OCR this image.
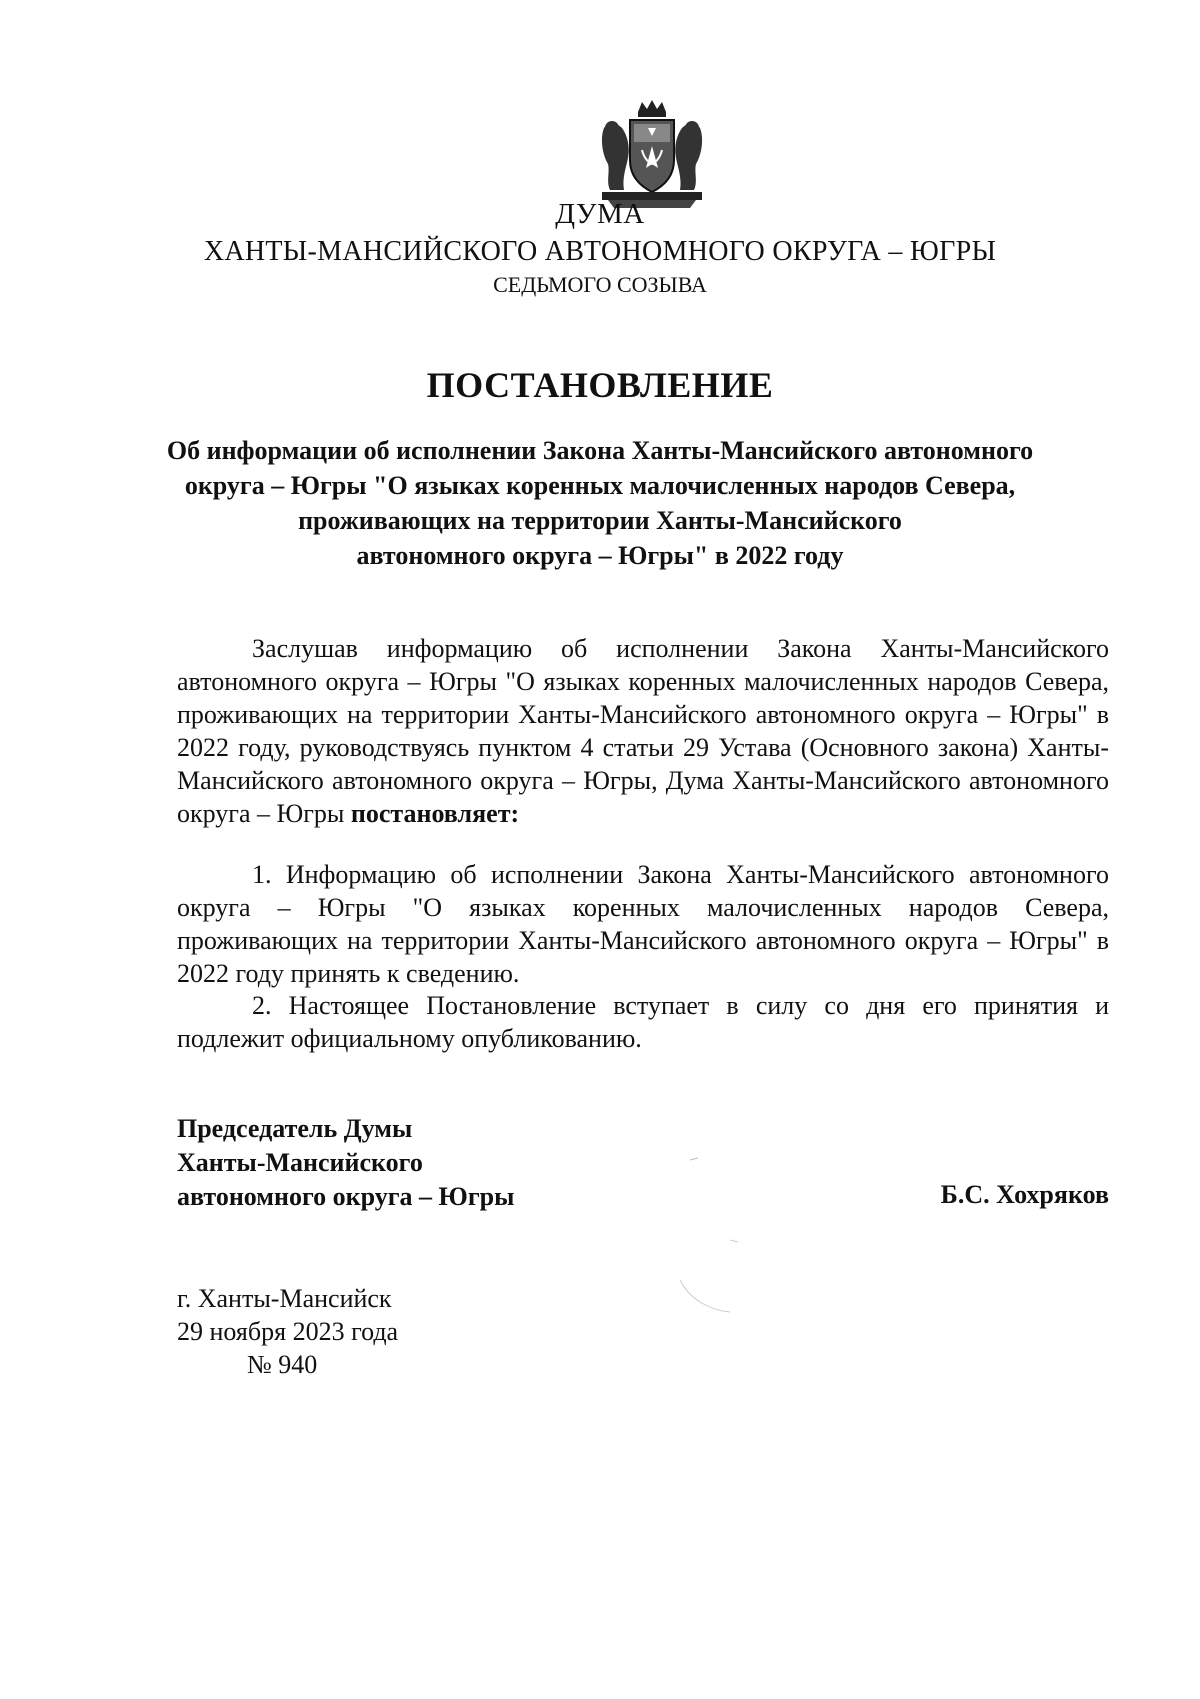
ДУМА
ХАНТЫ-МАНСИЙСКОГО АВТОНОМНОГО ОКРУГА – ЮГРЫ
СЕДЬМОГО СОЗЫВА
ПОСТАНОВЛЕНИЕ
Об информации об исполнении Закона Ханты-Мансийского автономного
округа – Югры "О языках коренных малочисленных народов Севера,
проживающих на территории Ханты-Мансийского
автономного округа – Югры" в 2022 году
Заслушав информацию об исполнении Закона Ханты-Мансийского автономного округа – Югры "О языках коренных малочисленных народов Севера, проживающих на территории Ханты-Мансийского автономного округа – Югры" в 2022 году, руководствуясь пунктом 4 статьи 29 Устава (Основного закона) Ханты-Мансийского автономного округа – Югры, Дума Ханты-Мансийского автономного округа – Югры постановляет:
1. Информацию об исполнении Закона Ханты-Мансийского автономного округа – Югры "О языках коренных малочисленных народов Севера, проживающих на территории Ханты-Мансийского автономного округа – Югры" в 2022 году принять к сведению.
2. Настоящее Постановление вступает в силу со дня его принятия и подлежит официальному опубликованию.
Председатель Думы
Ханты-Мансийского
автономного округа – Югры	Б.С. Хохряков
г. Ханты-Мансийск
29 ноября 2023 года
№ 940
